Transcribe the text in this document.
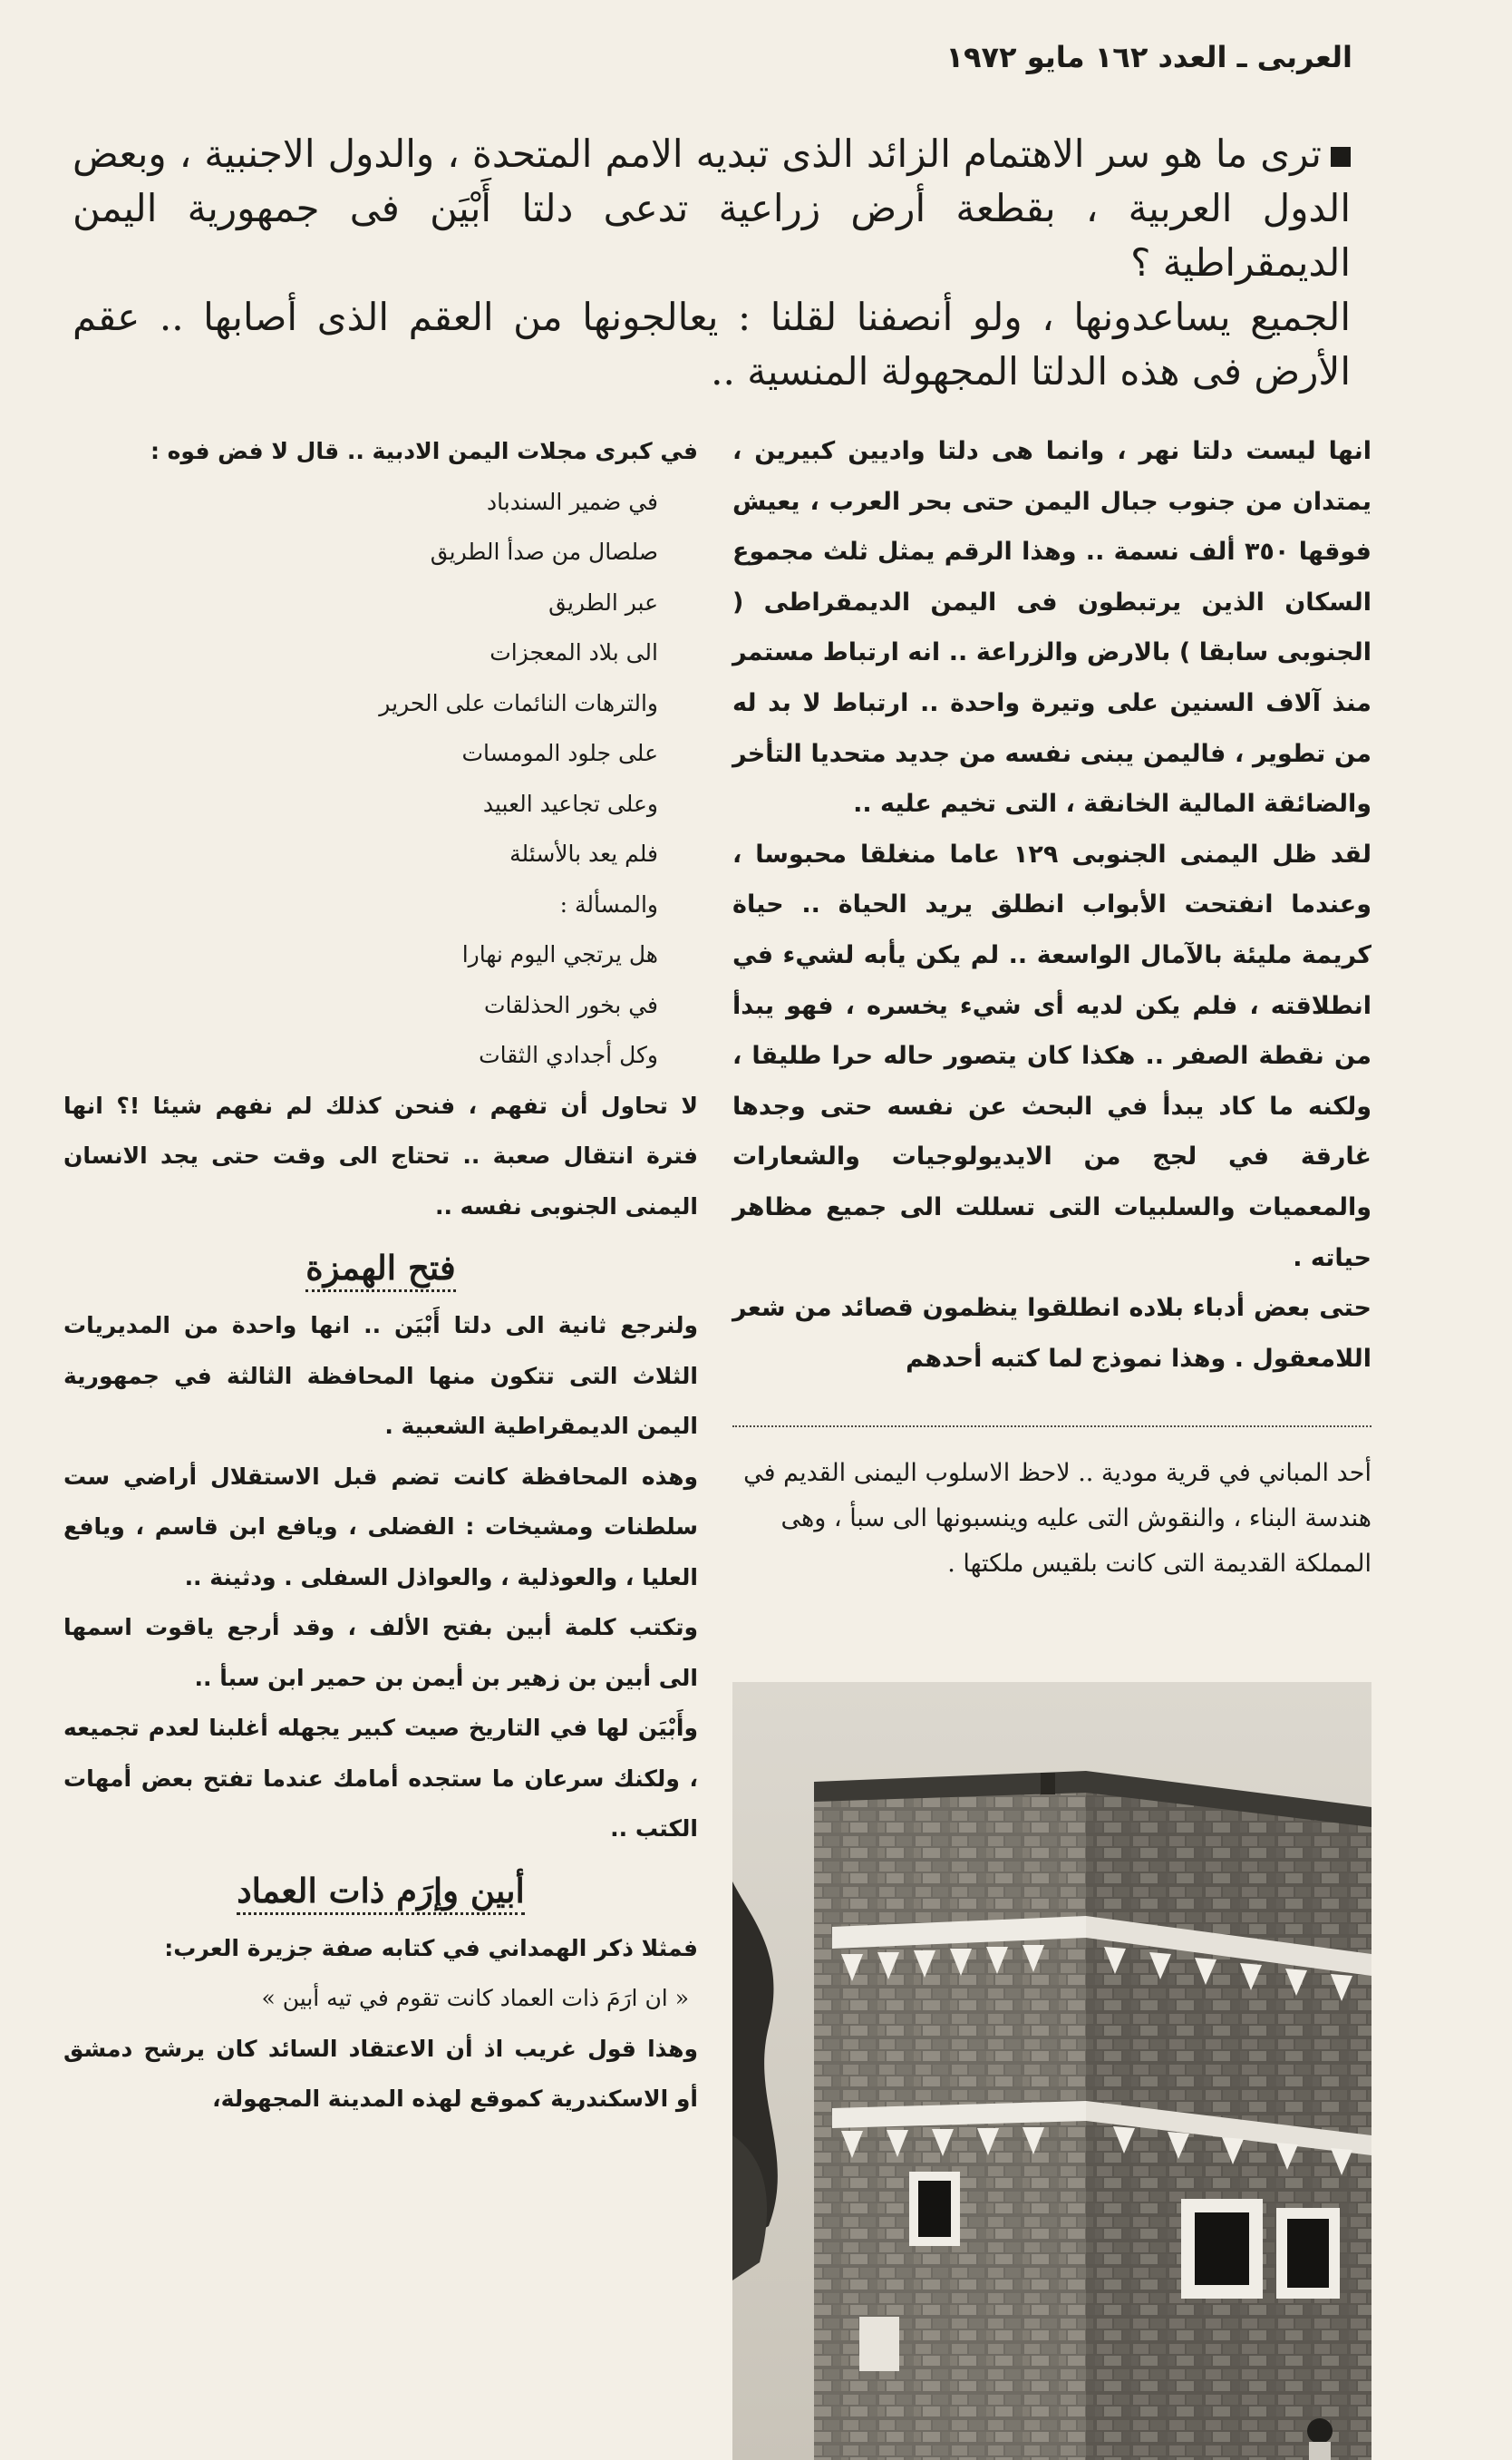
العربى ـ العدد ١٦٢ مايو ١٩٧٢

ترى ما هو سر الاهتمام الزائد الذى تبديه الامم المتحدة ، والدول الاجنبية ، وبعض الدول العربية ، بقطعة أرض زراعية تدعى دلتا أَبْيَن فى جمهورية اليمن الديمقراطية ؟

الجميع يساعدونها ، ولو أنصفنا لقلنا : يعالجونها من العقم الذى أصابها .. عقم الأرض فى هذه الدلتا المجهولة المنسية ..

انها ليست دلتا نهر ، وانما هى دلتا واديين كبيرين ، يمتدان من جنوب جبال اليمن حتى بحر العرب ، يعيش فوقها ٣٥٠ ألف نسمة .. وهذا الرقم يمثل ثلث مجموع السكان الذين يرتبطون فى اليمن الديمقراطى ( الجنوبى سابقا ) بالارض والزراعة .. انه ارتباط مستمر منذ آلاف السنين على وتيرة واحدة .. ارتباط لا بد له من تطوير ، فاليمن يبنى نفسه من جديد متحديا التأخر والضائقة المالية الخانقة ، التى تخيم عليه ..

لقد ظل اليمنى الجنوبى ١٢٩ عاما منغلقا محبوسا ، وعندما انفتحت الأبواب انطلق يريد الحياة .. حياة كريمة مليئة بالآمال الواسعة .. لم يكن يأبه لشيء في انطلاقته ، فلم يكن لديه أى شيء يخسره ، فهو يبدأ من نقطة الصفر .. هكذا كان يتصور حاله حرا طليقا ، ولكنه ما كاد يبدأ في البحث عن نفسه حتى وجدها غارقة في لجج من الايديولوجيات والشعارات والمعميات والسلبيات التى تسللت الى جميع مظاهر حياته .

حتى بعض أدباء بلاده انطلقوا ينظمون قصائد من شعر اللامعقول . وهذا نموذج لما كتبه أحدهم

أحد المباني في قرية مودية .. لاحظ الاسلوب اليمنى القديم في هندسة البناء ، والنقوش التى عليه وينسبونها الى سبأ ، وهى المملكة القديمة التى كانت بلقيس ملكتها .

في كبرى مجلات اليمن الادبية .. قال لا فض فوه :

في ضمير السندباد
صلصال من صدأ الطريق
عبر الطريق
الى بلاد المعجزات
والترهات النائمات على الحرير
على جلود المومسات
وعلى تجاعيد العبيد
فلم يعد بالأسئلة
والمسألة :
هل يرتجي اليوم نهارا
في بخور الحذلقات
وكل أجدادي الثقات

لا تحاول أن تفهم ، فنحن كذلك لم نفهم شيئا !؟ انها فترة انتقال صعبة .. تحتاج الى وقت حتى يجد الانسان اليمنى الجنوبى نفسه ..

فتح الهمزة

ولنرجع ثانية الى دلتا أَبْيَن .. انها واحدة من المديريات الثلاث التى تتكون منها المحافظة الثالثة في جمهورية اليمن الديمقراطية الشعبية .

وهذه المحافظة كانت تضم قبل الاستقلال أراضي ست سلطنات ومشيخات : الفضلى ، ويافع ابن قاسم ، ويافع العليا ، والعوذلية ، والعواذل السفلى . ودثينة ..

وتكتب كلمة أبين بفتح الألف ، وقد أرجع ياقوت اسمها الى أبين بن زهير بن أيمن بن حمير ابن سبأ ..

وأَبْيَن لها في التاريخ صيت كبير يجهله أغلبنا لعدم تجميعه ، ولكنك سرعان ما ستجده أمامك عندما تفتح بعض أمهات الكتب ..

أبين وإرَم ذات العماد

فمثلا ذكر الهمداني في كتابه صفة جزيرة العرب:

« ان ارَمَ ذات العماد كانت تقوم في تيه أبين »

وهذا قول غريب اذ أن الاعتقاد السائد كان يرشح دمشق أو الاسكندرية كموقع لهذه المدينة المجهولة،
